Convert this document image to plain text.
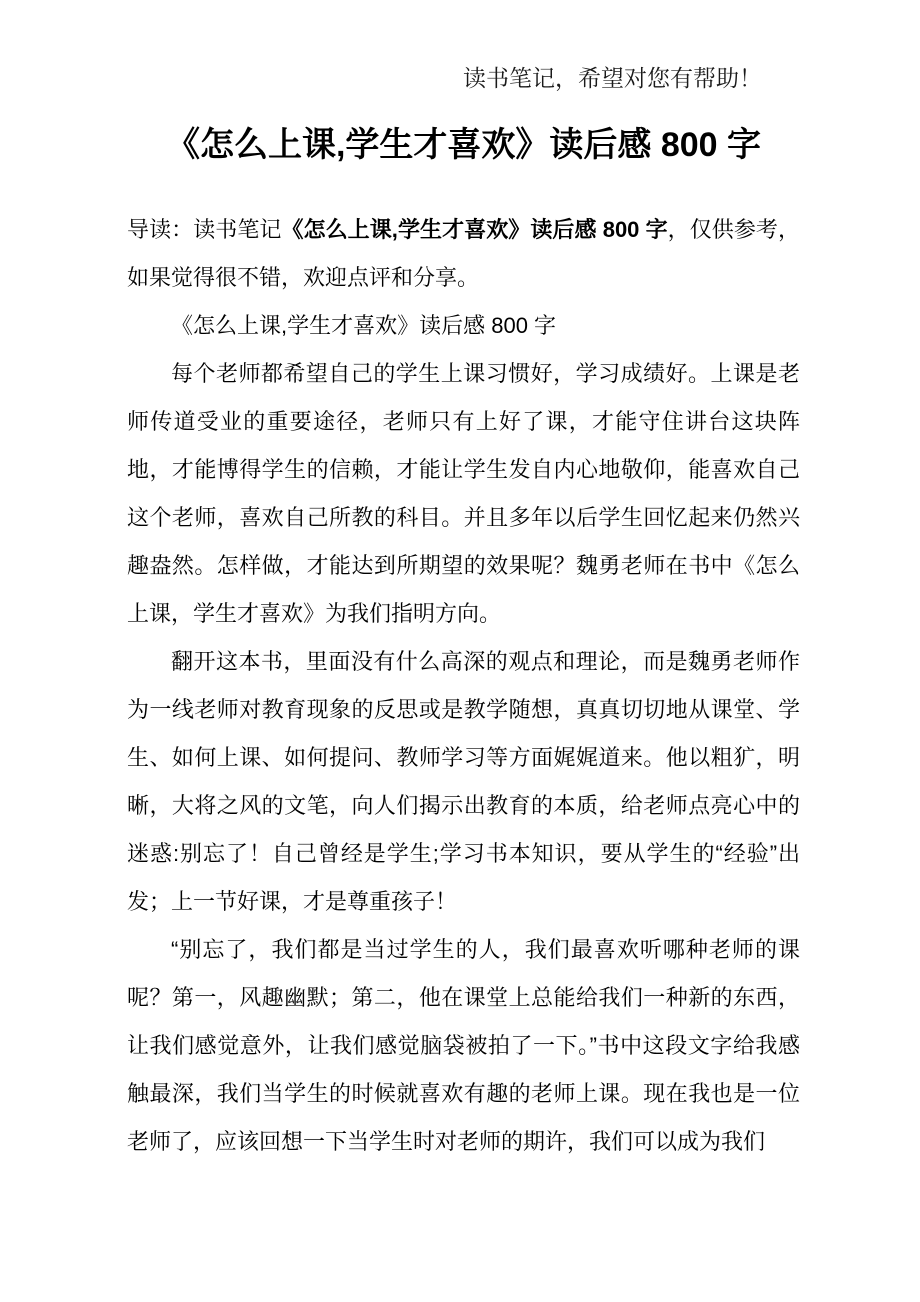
读书笔记，希望对您有帮助！
《怎么上课,学生才喜欢》读后感 800 字

导读：读书笔记《怎么上课,学生才喜欢》读后感 800 字，仅供参考，如果觉得很不错，欢迎点评和分享。

《怎么上课,学生才喜欢》读后感 800 字

每个老师都希望自己的学生上课习惯好，学习成绩好。上课是老师传道受业的重要途径，老师只有上好了课，才能守住讲台这块阵地，才能博得学生的信赖，才能让学生发自内心地敬仰，能喜欢自己这个老师，喜欢自己所教的科目。并且多年以后学生回忆起来仍然兴趣盎然。怎样做，才能达到所期望的效果呢？魏勇老师在书中《怎么上课，学生才喜欢》为我们指明方向。

翻开这本书，里面没有什么高深的观点和理论，而是魏勇老师作为一线老师对教育现象的反思或是教学随想，真真切切地从课堂、学生、如何上课、如何提问、教师学习等方面娓娓道来。他以粗犷，明晰，大将之风的文笔，向人们揭示出教育的本质，给老师点亮心中的迷惑:别忘了！自己曾经是学生;学习书本知识，要从学生的“经验”出发；上一节好课，才是尊重孩子！

“别忘了，我们都是当过学生的人，我们最喜欢听哪种老师的课呢？第一，风趣幽默；第二，他在课堂上总能给我们一种新的东西，让我们感觉意外，让我们感觉脑袋被拍了一下。”书中这段文字给我感触最深，我们当学生的时候就喜欢有趣的老师上课。现在我也是一位老师了，应该回想一下当学生时对老师的期许，我们可以成为我们
